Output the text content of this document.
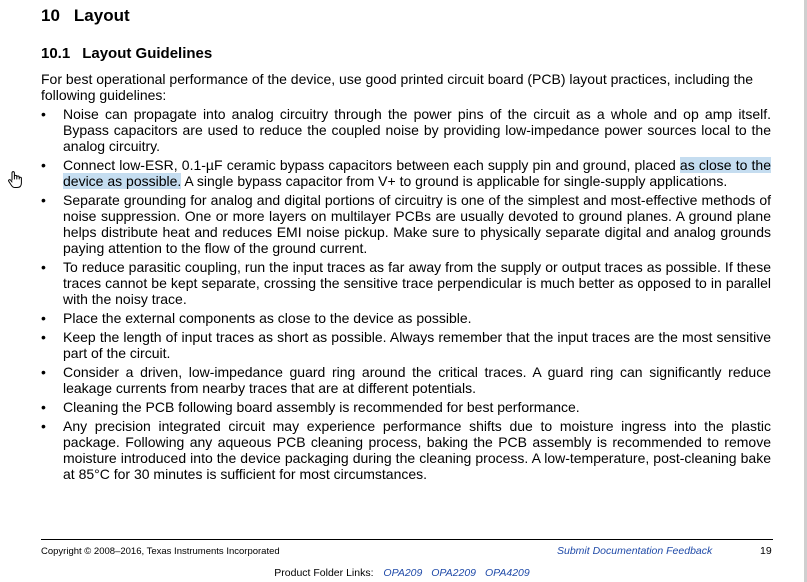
10 Layout
10.1 Layout Guidelines

For best operational performance of the device, use good printed circuit board (PCB) layout practices, including the following guidelines:

• Noise can propagate into analog circuitry through the power pins of the circuit as a whole and op amp itself. Bypass capacitors are used to reduce the coupled noise by providing low-impedance power sources local to the analog circuitry.
• Connect low-ESR, 0.1-µF ceramic bypass capacitors between each supply pin and ground, placed as close to the device as possible. A single bypass capacitor from V+ to ground is applicable for single-supply applications.
• Separate grounding for analog and digital portions of circuitry is one of the simplest and most-effective methods of noise suppression. One or more layers on multilayer PCBs are usually devoted to ground planes. A ground plane helps distribute heat and reduces EMI noise pickup. Make sure to physically separate digital and analog grounds paying attention to the flow of the ground current.
• To reduce parasitic coupling, run the input traces as far away from the supply or output traces as possible. If these traces cannot be kept separate, crossing the sensitive trace perpendicular is much better as opposed to in parallel with the noisy trace.
• Place the external components as close to the device as possible.
• Keep the length of input traces as short as possible. Always remember that the input traces are the most sensitive part of the circuit.
• Consider a driven, low-impedance guard ring around the critical traces. A guard ring can significantly reduce leakage currents from nearby traces that are at different potentials.
• Cleaning the PCB following board assembly is recommended for best performance.
• Any precision integrated circuit may experience performance shifts due to moisture ingress into the plastic package. Following any aqueous PCB cleaning process, baking the PCB assembly is recommended to remove moisture introduced into the device packaging during the cleaning process. A low-temperature, post-cleaning bake at 85°C for 30 minutes is sufficient for most circumstances.
Copyright © 2008–2016, Texas Instruments Incorporated	Submit Documentation Feedback	19
Product Folder Links: OPA209 OPA2209 OPA4209
